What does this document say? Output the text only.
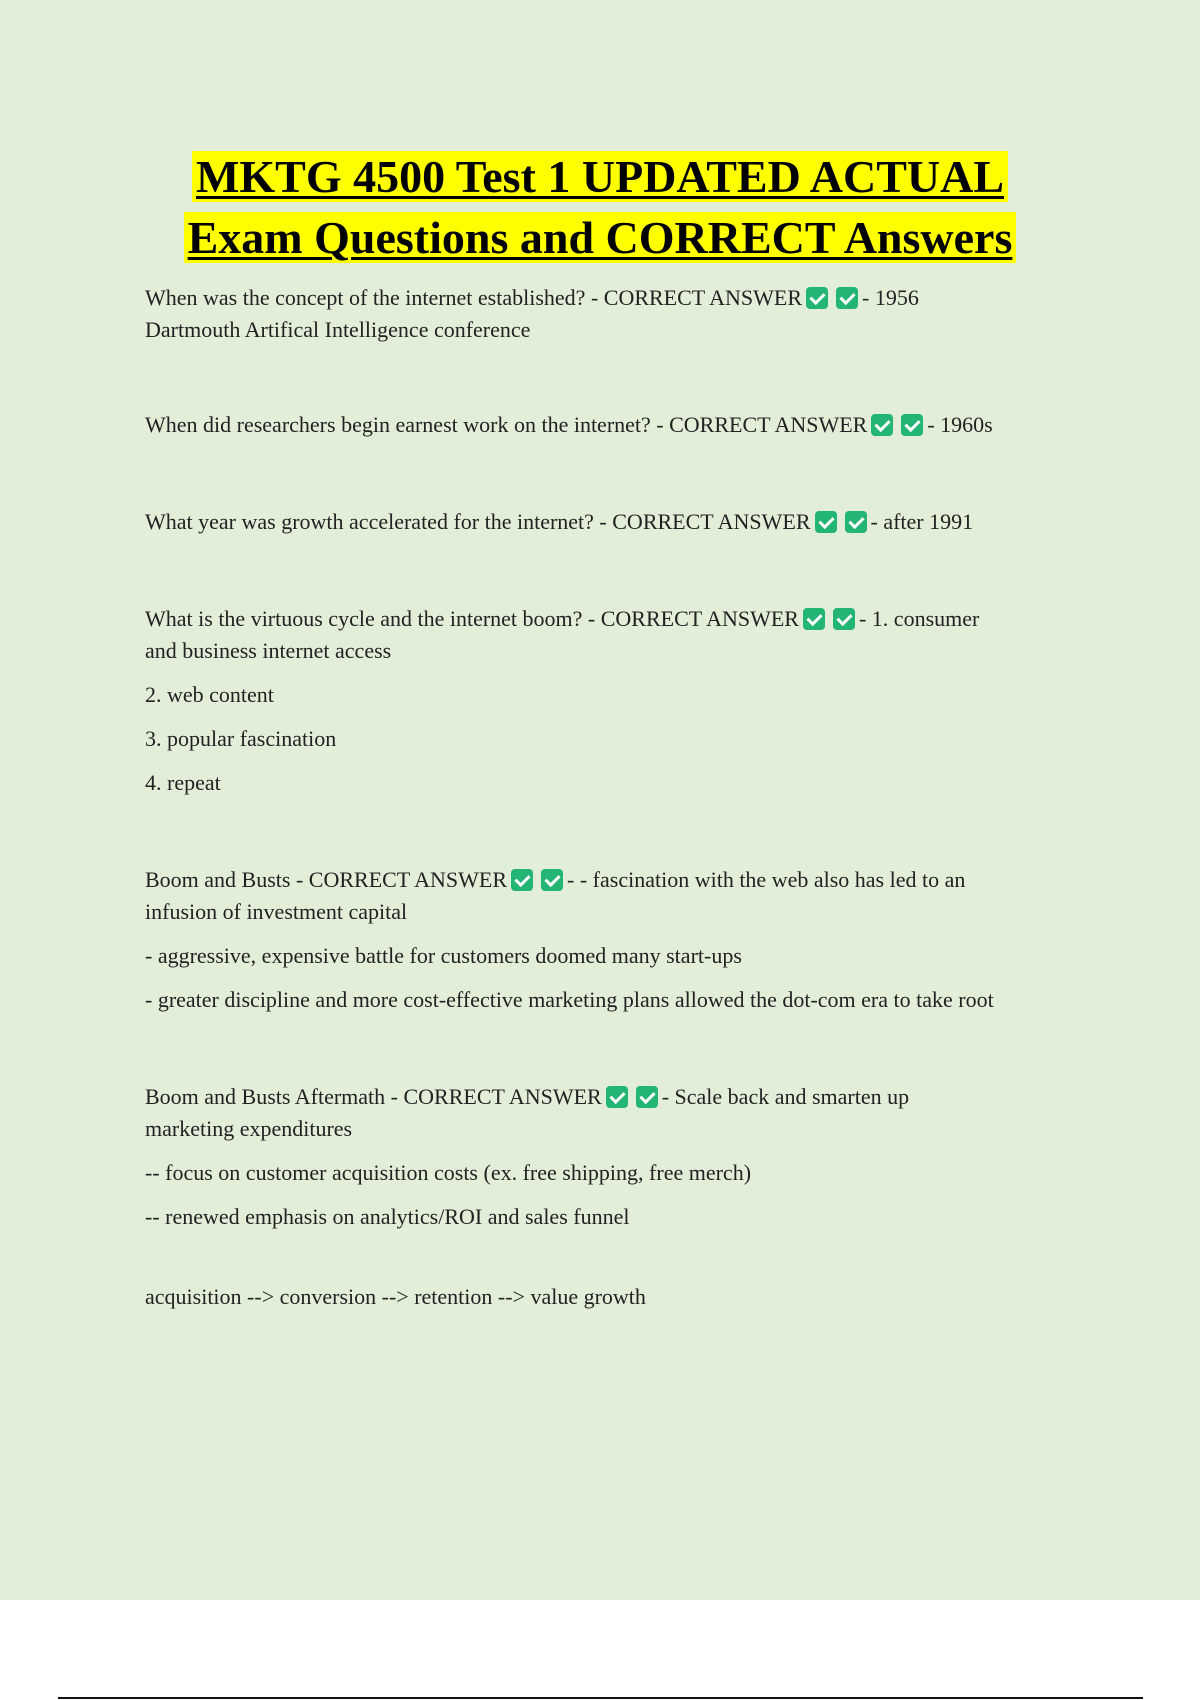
MKTG 4500 Test 1 UPDATED ACTUAL
Exam Questions and CORRECT Answers

When was the concept of the internet established? - CORRECT ANSWER	- 1956

Dartmouth Artifical Intelligence conference

When did researchers begin earnest work on the internet? - CORRECT ANSWER	- 1960s

What year was growth accelerated for the internet? - CORRECT ANSWER	- after 1991

What is the virtuous cycle and the internet boom? - CORRECT ANSWER	- 1. consumer

and business internet access

2. web content

3. popular fascination

4. repeat

Boom and Busts - CORRECT ANSWER	- - fascination with the web also has led to an

infusion of investment capital

- aggressive, expensive battle for customers doomed many start-ups

- greater discipline and more cost-effective marketing plans allowed the dot-com era to take root

Boom and Busts Aftermath - CORRECT ANSWER	- Scale back and smarten up

marketing expenditures

-- focus on customer acquisition costs (ex. free shipping, free merch)

-- renewed emphasis on analytics/ROI and sales funnel

acquisition --> conversion --> retention --> value growth
